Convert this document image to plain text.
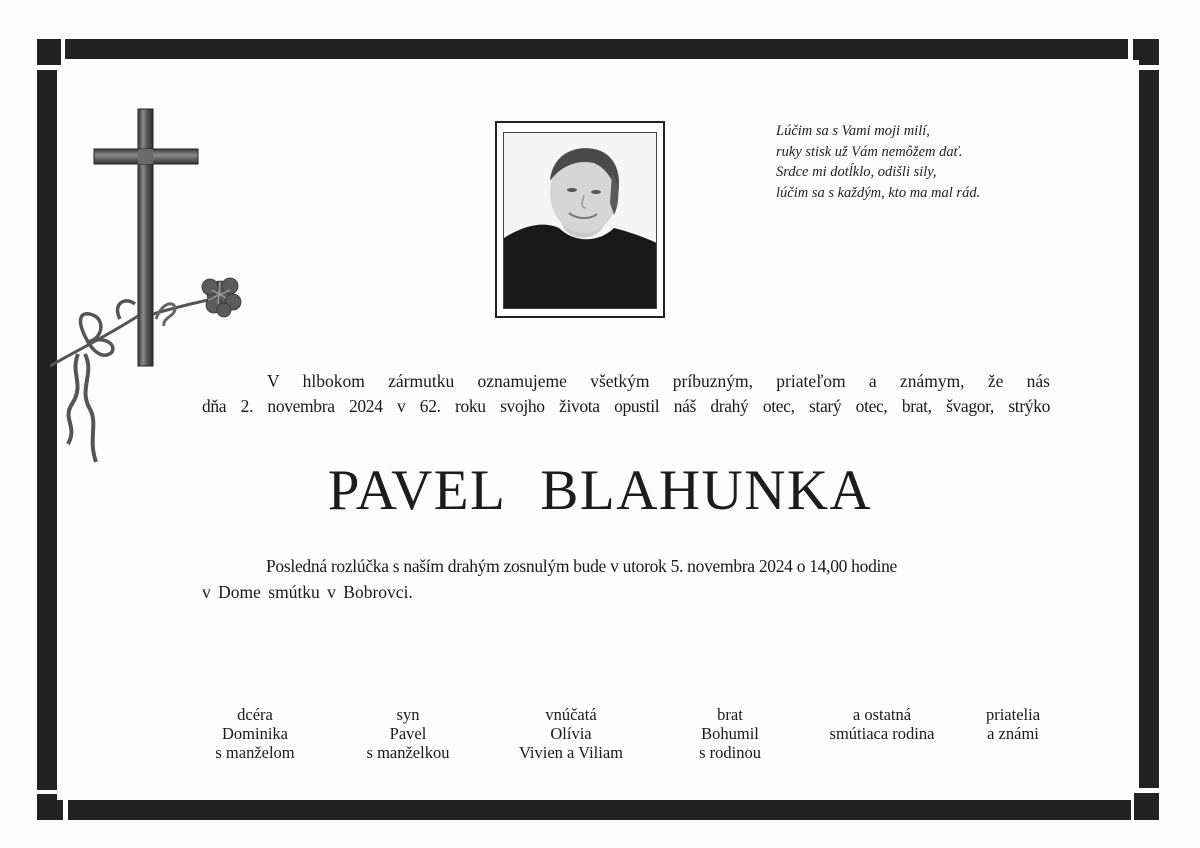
Lúčim sa s Vami moji milí,
ruky stisk už Vám nemôžem dať.
Srdce mi dotĺklo, odišli sily,
lúčim sa s každým, kto ma mal rád.
V hlbokom zármutku oznamujeme všetkým príbuzným, priateľom a známym, že nás
dňa 2. novembra 2024 v 62. roku svojho života opustil náš drahý otec, starý otec, brat, švagor, strýko
PAVEL BLAHUNKA
Posledná rozlúčka s naším drahým zosnulým bude v utorok 5. novembra 2024 o 14,00 hodine
v Dome smútku v Bobrovci.
dcéra
Dominika
s manželom
syn
Pavel
s manželkou
vnúčatá
Olívia
Vivien a Viliam
brat
Bohumil
s rodinou
a ostatná
smútiaca rodina
priatelia
a známi
